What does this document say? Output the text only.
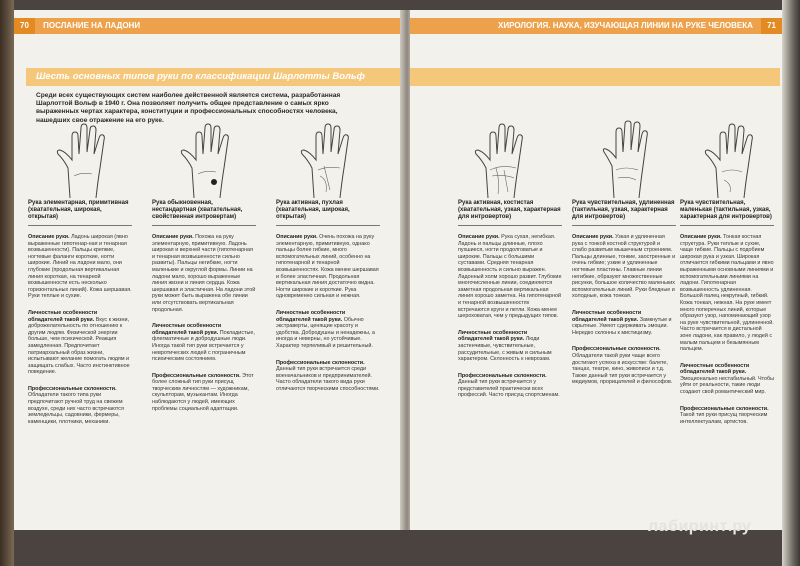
70 ПОСЛАНИЕ НА ЛАДОНИ
Шесть основных типов руки по классификации Шарлотты Вольф
Среди всех существующих систем наиболее действенной является система, разработанная Шарлоттой Вольф в 1940 г. Она позволяет получить общее представление о самых ярко выраженных чертах характера, конституции и профессиональных способностях человека, нашедших свое отражение на его руке.
Рука элементарная, примитивная (хватательная, широкая, открытая)

Описание руки. Ладонь широкая (явно выраженные гипотенар-ная и тенарная возвышенности). Пальцы крепкие, ногтевые фаланги короткие, ногти широкие. Линий на ладони мало, они глубокие (продольная вертикальная линия короткая, на тенарной возвышенности есть несколько горизонтальных линий). Кожа шершавая. Руки теплые и сухие.

Личностные особенности обладателей такой руки. Вкус к жизни, доброжелательность по отношению к другим людям. Физической энергии больше, чем психической. Реакция замедленная. Предпочитает патриархальный образ жизни, испытывают желание помогать людям и защищать слабых. Часто инстинктивное поведение.

Профессиональные склонности. Обладатели такого типа руки предпочитают ручной труд на свежем воздухе, среди них часто встречаются земледельцы, садовники, фермеры, каменщики, плотники, механики.

Рука обыкновенная, нестандартная (хватательная, свойственная интровертам)

Описание руки. Похожа на руку элементарную, примитивную. Ладонь широкая и верхней части (гипотенарная и тенарная возвышенности сильно развиты). Пальцы негибкие, ногти маленькие и округлой формы. Линии на ладони мало, хорошо выраженные линия жизни и линия сердца. Кожа шершавая и эластичная. На ладони этой руки может быть выражена обе линии или отсутствовать вертикальная продольная.

Личностные особенности обладателей такой руки. Покладистые, флегматичные и добродушные люди. Иногда такой тип руки встречается у невротических людей с пограничным психическим состоянием.

Профессиональные склонности. Этот более сложный тип руки присущ творческим личностям — художникам, скульпторам, музыкантам. Иногда наблюдаются у людей, имеющих проблемы социальной адаптации.

Рука активная, пухлая (хватательная, широкая, открытая)

Описание руки. Очень похожа на руку элементарную, примитивную, однако пальцы более гибкие, много вспомогательных линий, особенно на гипотенарной и тенарной возвышенностях. Кожа менее шершавая и более эластичная. Продольная вертикальная линия достаточно видна. Ногти широкие и короткие. Рука одновременно сильная и нежная.

Личностные особенности обладателей такой руки. Обычно экстраверты, ценящие красоту и удобства. Добродушны и ненадежны, а иногда и неверны, но устойчивые. Характер терпеливый и решительный.

Профессиональные склонности. Данный тип руки встречается среди военачальников и предпринимателей. Часто обладатели такого вида руки отличаются творческими способностями.

ХИРОЛОГИЯ. НАУКА, ИЗУЧАЮЩАЯ ЛИНИИ НА РУКЕ ЧЕЛОВЕКА 71
Рука активная, костистая (хватательная, узкая, характерная для интровертов)

Описание руки. Рука сухая, негибкая. Ладонь и пальцы длинные, плохо пухшиеся, ногти продолговатые и широкие. Пальцы с большими суставами. Средняя тенарная возвышенность и сильно выражен. Ладонный холм хорошо развит. Глубокие многочисленные линии, соединяются заметная продольная вертикальная линия хорошо заметна. На гипотенарной и тенарной возвышенностях встречаются круги и петли. Кожа менее шероховатая, чем у предыдущих типов.

Личностные особенности обладателей такой руки. Люди застенчивые, чувствительные, рассудительные, с живым и сильным характером. Склонность к неврозам.

Профессиональные склонности. Данный тип руки встречается у представителей практически всех профессий. Часто присущ спортсменам.

Рука чувствительная, удлиненная (тактильная, узкая, характерная для интровертов)

Описание руки. Узкая и удлиненная рука с тонкой костной структурой и слабо развитым мышечным строением. Пальцы длинные, тонкие, заостренные и очень гибкие; узкие и удлиненные ногтевые пластины. Главные линии негибкие, образуют множественные рисунки, большое количество маленьких вспомогательных линий. Руки бледные и холодные, кожа тонкая.

Личностные особенности обладателей такой руки. Замкнутые и скрытные. Умеют сдерживать эмоции. Нередко склонны к мистицизму.

Профессиональные склонности. Обладатели такой руки чаще всего достигают успеха в искусстве: балете, танцах, театре, кино, живописи и т.д. Также данный тип руки встречается у медиумов, прорицателей и философов.

Рука чувствительная, маленькая (тактильная, узкая, характерная для интровертов)

Описание руки. Тонкая костная структура. Руки теплые и сухие, чаще гибкие. Пальцы с подобием широкая рука и узкая. Широкая отличается гибкими пальцами и явно выраженными основными линиями и вспомогательными линиями на ладони. Гипотенарная возвышенность удлиненная. Большой палец некрупный, гибкий. Кожа тонкая, нежная. На руке имеет много поперечных линий, которые образуют узор, напоминающий узор на руке чувствительной, удлиненной. Часто встречается в дистальной зоне ладони, как правило, у людей с малым пальцем и безымянным пальцем.

Личностные особенности обладателей такой руки. Эмоционально нестабильный. Чтобы уйти от реальности, такие люди создают свой романтический мир.

Профессиональные склонности. Такой тип руки присущ творческим интеллектуалам, артистов.

лабиринт.ру
